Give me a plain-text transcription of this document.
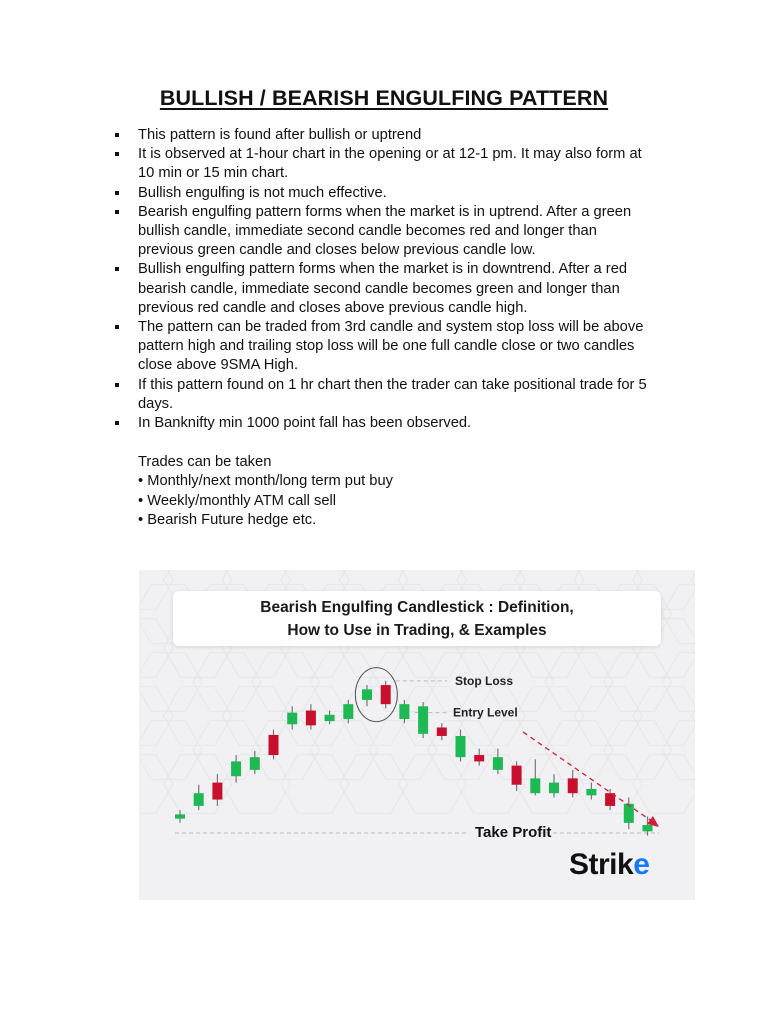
BULLISH / BEARISH ENGULFING PATTERN
This pattern is found after bullish or uptrend
It is observed at 1-hour chart in the opening or at 12-1 pm. It may also form at
10 min or 15 min chart.
Bullish engulfing is not much effective.
Bearish engulfing pattern forms when the market is in uptrend. After a green
bullish candle, immediate second candle becomes red and longer than
previous green candle and closes below previous candle low.
Bullish engulfing pattern forms when the market is in downtrend. After a red
bearish candle, immediate second candle becomes green and longer than
previous red candle and closes above previous candle high.
The pattern can be traded from 3rd candle and system stop loss will be above
pattern high and trailing stop loss will be one full candle close or two candles
close above 9SMA High.
If this pattern found on 1 hr chart then the trader can take positional trade for 5
days.
In Banknifty min 1000 point fall has been observed.
Trades can be taken
• Monthly/next month/long term put buy
• Weekly/monthly ATM call sell
• Bearish Future hedge etc.
Stop Loss
Entry Level
Take Profit
Bearish Engulfing Candlestick : Definition,
How to Use in Trading, & Examples
Strike
